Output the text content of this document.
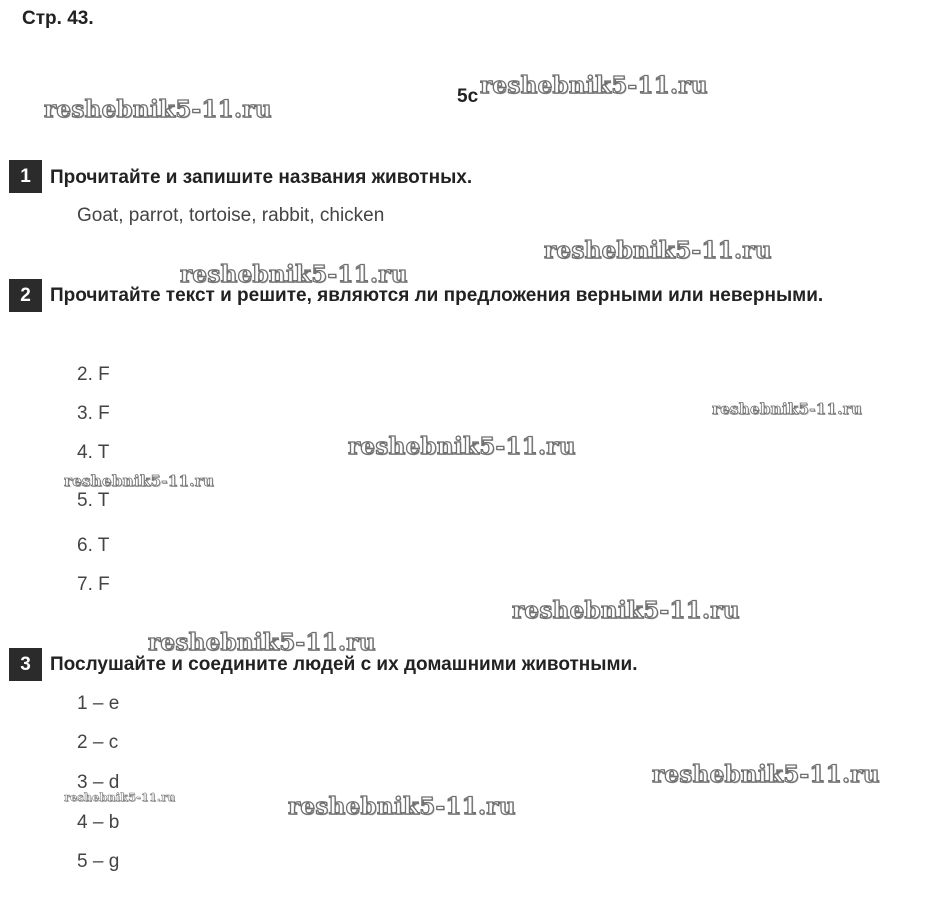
Стр. 43.
5c
1	Прочитайте и запишите названия животных.
Goat, parrot, tortoise, rabbit, chicken
2	Прочитайте текст и решите, являются ли предложения верными или неверными.
2. F
3. F
4. T
5. T
6. T
7. F
3	Послушайте и соедините людей с их домашними животными.
1 – e
2 – c
3 – d
4 – b
5 – g
reshebnik5-11.ru
reshebnik5-11.ru
reshebnik5-11.ru
reshebnik5-11.ru
reshebnik5-11.ru
reshebnik5-11.ru
reshebnik5-11.ru
reshebnik5-11.ru
reshebnik5-11.ru
reshebnik5-11.ru
reshebnik5-11.ru	reshebnik5-11.ru
